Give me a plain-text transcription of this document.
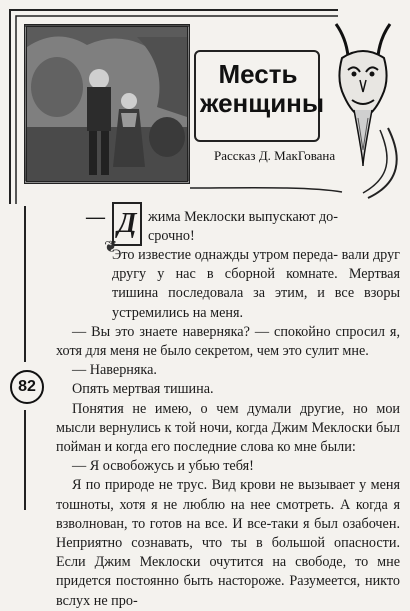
Месть женщины
Рассказ Д. МакГована
82
— Д
❦
жима Меклоски выпускают до-
срочно!

Это известие однажды утром переда- вали друг другу у нас в сборной комнате. Мертвая тишина последовала за этим, и все взоры устремились на меня.

— Вы это знаете наверняка? — спокойно спросил я, хотя для меня не было секретом, чем это сулит мне.

— Наверняка.

Опять мертвая тишина.

Понятия не имею, о чем думали другие, но мои мысли вернулись к той ночи, когда Джим Меклоски был пойман и когда его последние слова ко мне были:

— Я освобожусь и убью тебя!

Я по природе не трус. Вид крови не вызывает у меня тошноты, хотя я не люблю на нее смотреть. А когда я взволнован, то готов на все. И все-таки я был озабочен. Неприятно сознавать, что ты в большой опасности. Если Джим Меклоски очутится на свободе, то мне придется постоянно быть настороже. Разумеется, никто вслух не про-
